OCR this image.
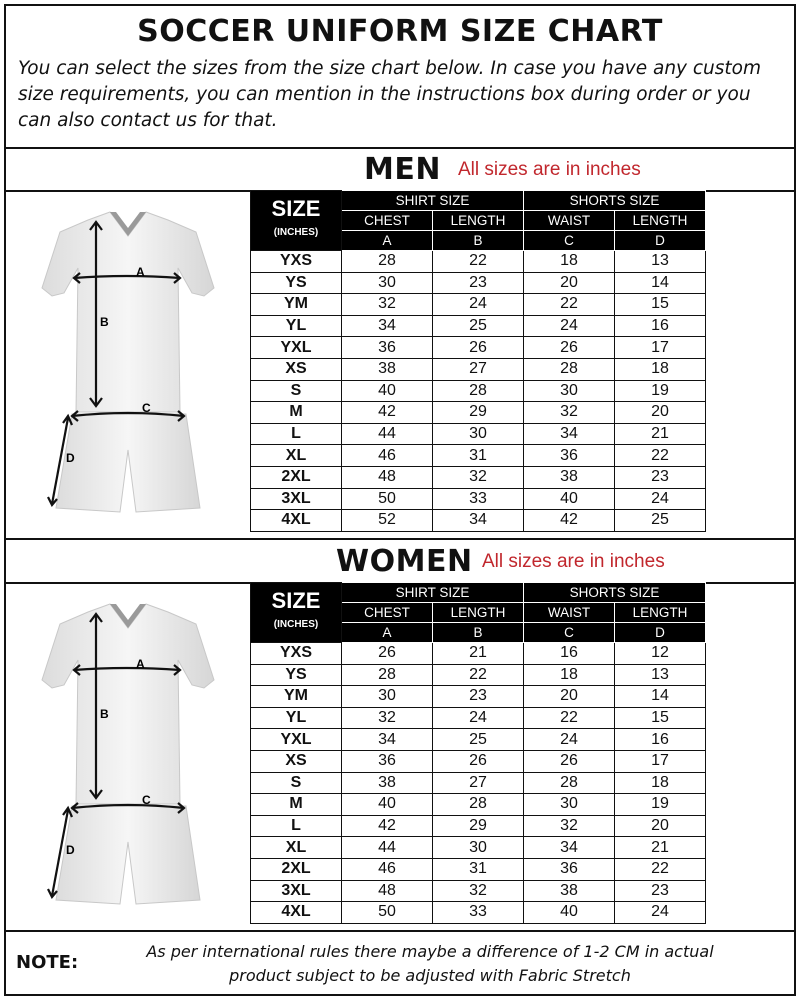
SOCCER UNIFORM SIZE CHART
You can select the sizes from the size chart below. In case you have any custom size requirements, you can mention in the instructions box during order or you can also contact us for that.
MEN All sizes are in inches
A
B
C
D
SIZE
(INCHES)	SHIRT SIZE		SHORTS SIZE	
	CHEST	LENGTH	WAIST	LENGTH
	A	B	C	D
YXS	28	22	18	13
YS	30	23	20	14
YM	32	24	22	15
YL	34	25	24	16
YXL	36	26	26	17
XS	38	27	28	18
S	40	28	30	19
M	42	29	32	20
L	44	30	34	21
XL	46	31	36	22
2XL	48	32	38	23
3XL	50	33	40	24
4XL	52	34	42	25
WOMEN All sizes are in inches
A
B
C
D
SIZE
(INCHES)	SHIRT SIZE		SHORTS SIZE	
	CHEST	LENGTH	WAIST	LENGTH
	A	B	C	D
YXS	26	21	16	12
YS	28	22	18	13
YM	30	23	20	14
YL	32	24	22	15
YXL	34	25	24	16
XS	36	26	26	17
S	38	27	28	18
M	40	28	30	19
L	42	29	32	20
XL	44	30	34	21
2XL	46	31	36	22
3XL	48	32	38	23
4XL	50	33	40	24
NOTE:
As per international rules there maybe a difference of 1-2 CM in actual product subject to be adjusted with Fabric Stretch
